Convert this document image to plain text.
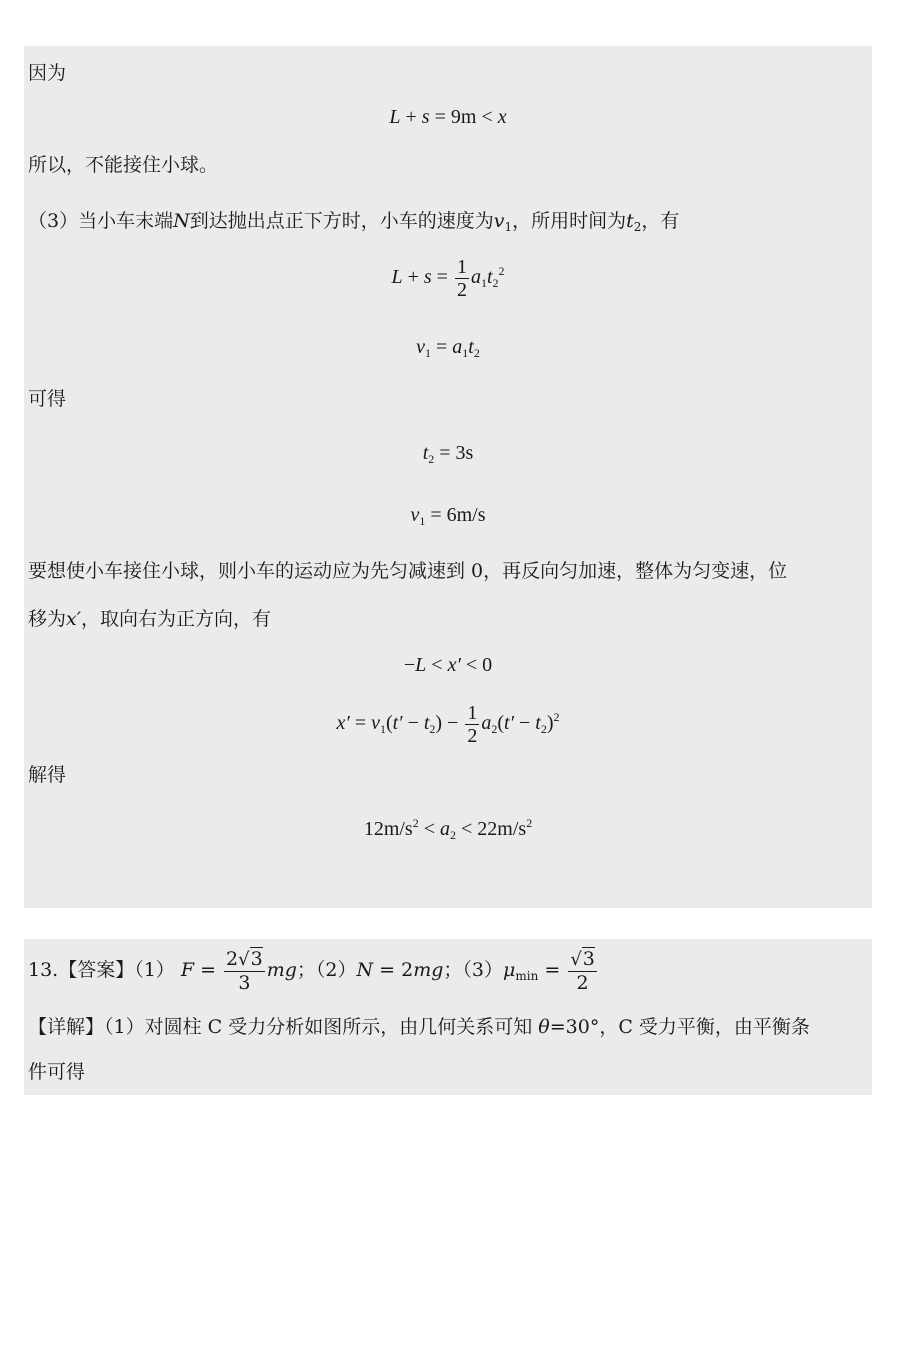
因为
L + s = 9m < x
所以，不能接住小球。
（3）当小车末端N到达抛出点正下方时，小车的速度为$v_1$，所用时间为$t_2$，有
$L + s = \frac{1}{2} a_1t_2^2$
$v_1 = a_1t_2$
可得
$t_2 = 3s$
$v_1 = 6m/s$
要想使小车接住小球，则小车的运动应为先匀减速到 0，再反向匀加速，整体为匀变速，位
移为x′，取向右为正方向，有
−L < x′ < 0
$x' = v_1(t' - t_2) - \frac{1}{2} a_2(t' - t_2)^2$
解得
$12m/s^2 < a_2 < 22m/s^2$
13.【答案】（1） $F = \frac{2√3}{3}$ mg；（2）N = 2mg；$(3)\mu_{min} = \frac{√3}{2}$
【详解】（1）对圆柱 C 受力分析如图所示，由几何关系可知 θ=30°，C 受力平衡，由平衡条
件可得
